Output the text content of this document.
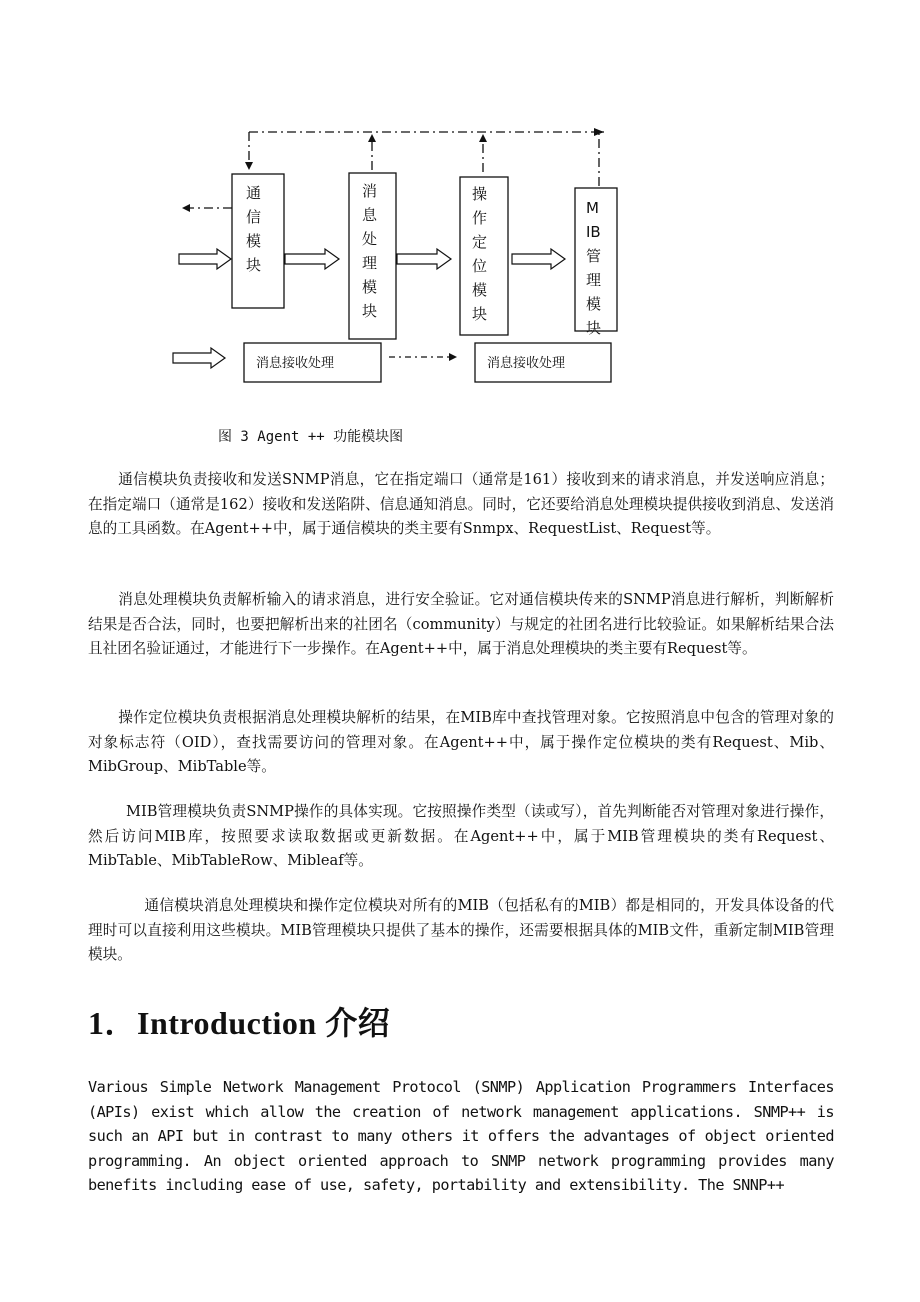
通
信
模
块
消
息
处
理
模
块
操
作
定
位
模
块
M
IB
管
理
模
块
消息接收处理	消息接收处理
图 3 Agent ++ 功能模块图

通信模块负责接收和发送SNMP消息，它在指定端口（通常是161）接收到来的请求消息，并发送响应消息；在指定端口（通常是162）接收和发送陷阱、信息通知消息。同时，它还要给消息处理模块提供接收到消息、发送消息的工具函数。在Agent++中，属于通信模块的类主要有Snmpx、RequestList、Request等。

消息处理模块负责解析输入的请求消息，进行安全验证。它对通信模块传来的SNMP消息进行解析，判断解析结果是否合法，同时，也要把解析出来的社团名（community）与规定的社团名进行比较验证。如果解析结果合法且社团名验证通过，才能进行下一步操作。在Agent++中，属于消息处理模块的类主要有Request等。

操作定位模块负责根据消息处理模块解析的结果，在MIB库中查找管理对象。它按照消息中包含的管理对象的对象标志符（OID），查找需要访问的管理对象。在Agent++中，属于操作定位模块的类有Request、Mib、MibGroup、MibTable等。

MIB管理模块负责SNMP操作的具体实现。它按照操作类型（读或写），首先判断能否对管理对象进行操作，然后访问MIB库，按照要求读取数据或更新数据。在Agent++中，属于MIB管理模块的类有Request、MibTable、MibTableRow、Mibleaf等。

通信模块消息处理模块和操作定位模块对所有的MIB（包括私有的MIB）都是相同的，开发具体设备的代理时可以直接利用这些模块。MIB管理模块只提供了基本的操作，还需要根据具体的MIB文件，重新定制MIB管理模块。

1．Introduction 介绍

Various Simple Network Management Protocol (SNMP) Application Programmers Interfaces (APIs) exist which allow the creation of network management applications. SNMP++ is such an API but in contrast to many others it offers the advantages of object oriented programming. An object oriented approach to SNMP network programming provides many benefits including ease of use, safety, portability and extensibility. The SNNP++
